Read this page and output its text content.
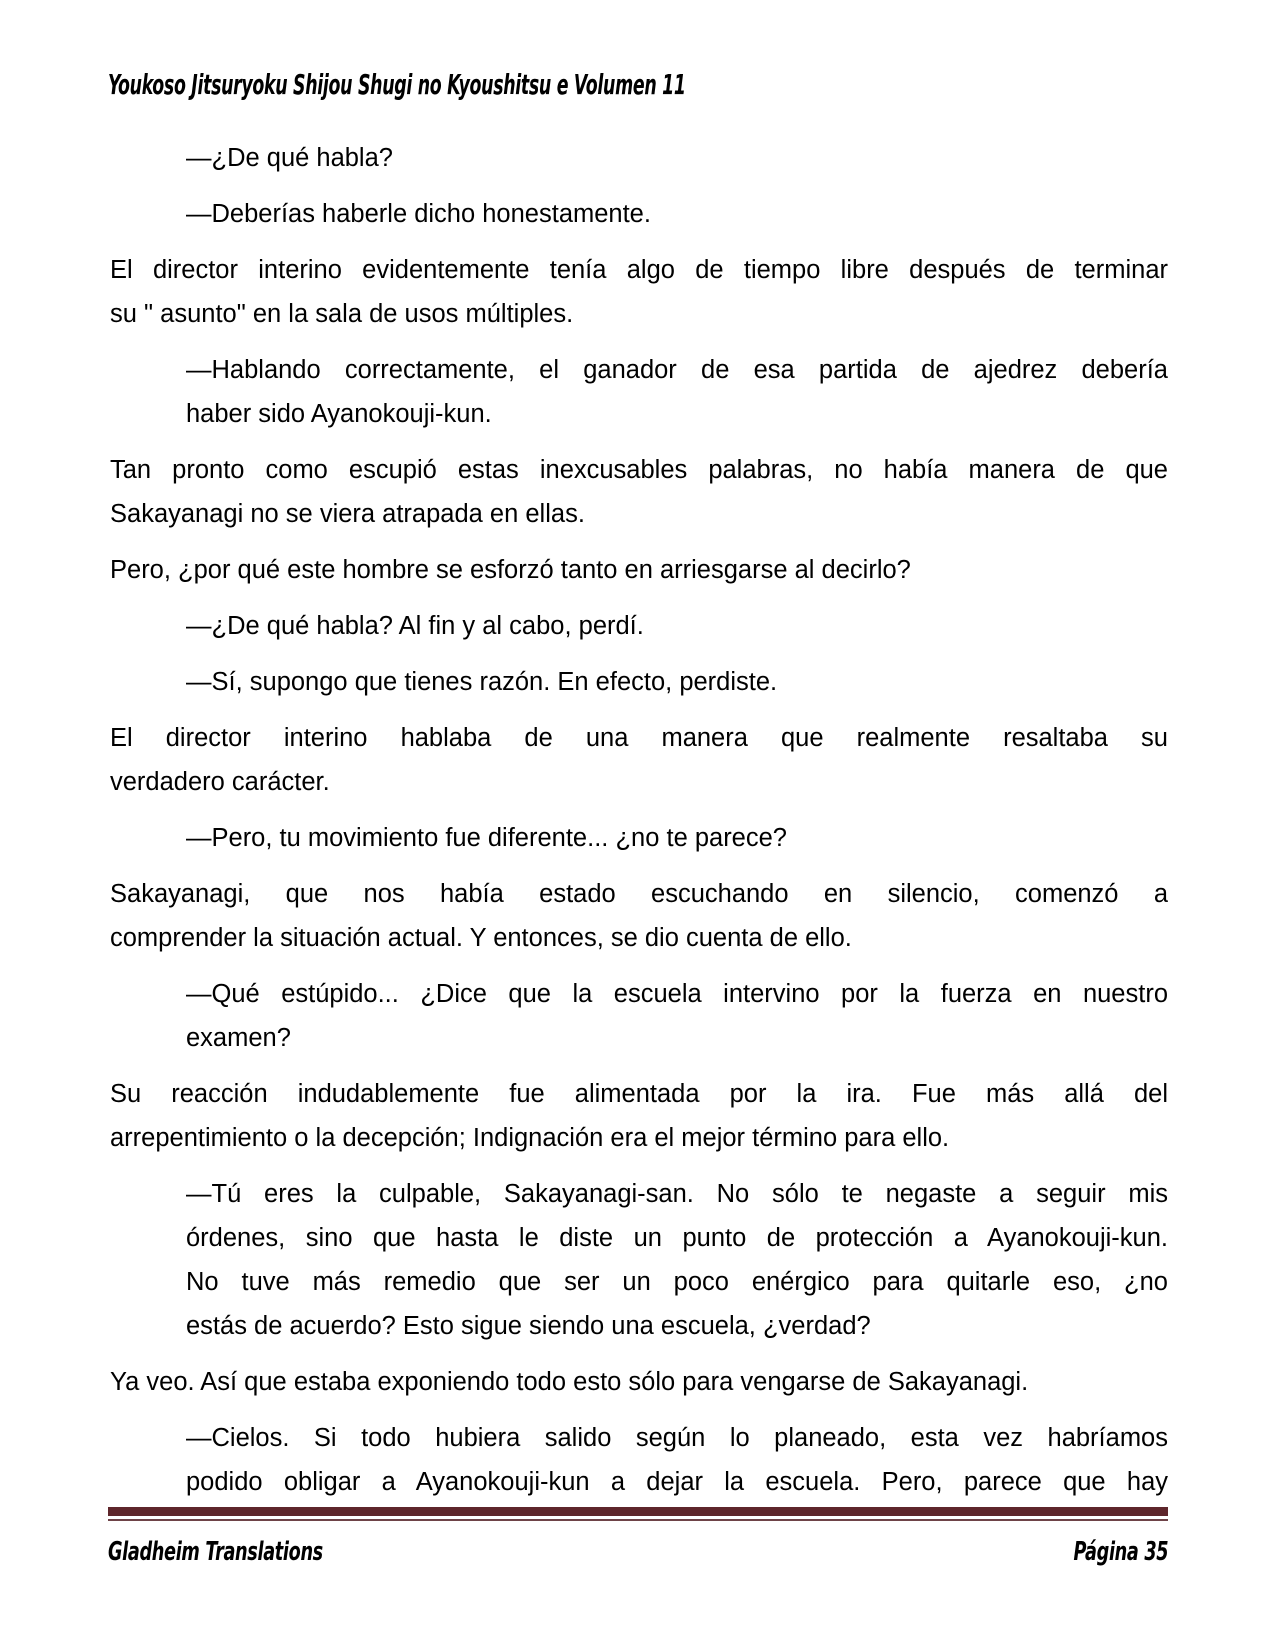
Youkoso Jitsuryoku Shijou Shugi no Kyoushitsu e Volumen 11

—¿De qué habla?

—Deberías haberle dicho honestamente.

El director interino evidentemente tenía algo de tiempo libre después de terminar
su " asunto" en la sala de usos múltiples.

—Hablando correctamente, el ganador de esa partida de ajedrez debería
haber sido Ayanokouji-kun.

Tan pronto como escupió estas inexcusables palabras, no había manera de que
Sakayanagi no se viera atrapada en ellas.

Pero, ¿por qué este hombre se esforzó tanto en arriesgarse al decirlo?

—¿De qué habla? Al fin y al cabo, perdí.

—Sí, supongo que tienes razón. En efecto, perdiste.

El director interino hablaba de una manera que realmente resaltaba su
verdadero carácter.

—Pero, tu movimiento fue diferente... ¿no te parece?

Sakayanagi, que nos había estado escuchando en silencio, comenzó a
comprender la situación actual. Y entonces, se dio cuenta de ello.

—Qué estúpido... ¿Dice que la escuela intervino por la fuerza en nuestro
examen?

Su reacción indudablemente fue alimentada por la ira. Fue más allá del
arrepentimiento o la decepción; Indignación era el mejor término para ello.

—Tú eres la culpable, Sakayanagi-san. No sólo te negaste a seguir mis
órdenes, sino que hasta le diste un punto de protección a Ayanokouji-kun.
No tuve más remedio que ser un poco enérgico para quitarle eso, ¿no
estás de acuerdo? Esto sigue siendo una escuela, ¿verdad?

Ya veo. Así que estaba exponiendo todo esto sólo para vengarse de Sakayanagi.

—Cielos. Si todo hubiera salido según lo planeado, esta vez habríamos
podido obligar a Ayanokouji-kun a dejar la escuela. Pero, parece que hay

Gladheim Translations	Página 35
